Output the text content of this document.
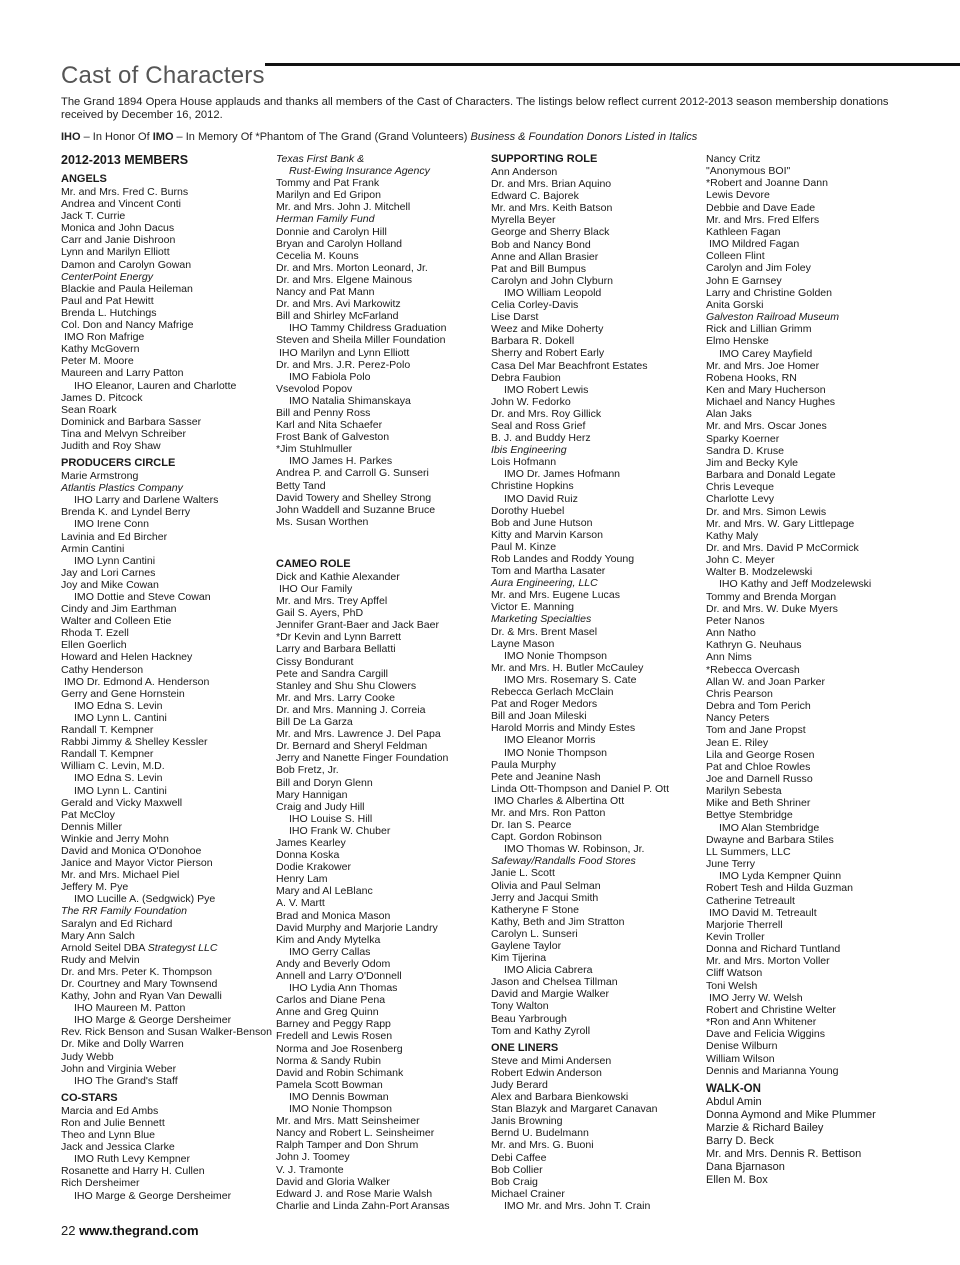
Cast of Characters

The Grand 1894 Opera House applauds and thanks all members of the Cast of Characters. The listings below reflect current 2012-2013 season membership donations received by December 16, 2012.

IHO – In Honor Of IMO – In Memory Of *Phantom of The Grand (Grand Volunteers) Business & Foundation Donors Listed in Italics
2012-2013 MEMBERS
ANGELS
Mr. and Mrs. Fred C. Burns
Andrea and Vincent Conti
Jack T. Currie
Monica and John Dacus
Carr and Janie Dishroon
Lynn and Marilyn Elliott
Damon and Carolyn Gowan
CenterPoint Energy
Blackie and Paula Heileman
Paul and Pat Hewitt
Brenda L. Hutchings
Col. Don and Nancy Mafrige
IMO Ron Mafrige
Kathy McGovern
Peter M. Moore
Maureen and Larry Patton
IHO Eleanor, Lauren and Charlotte
James D. Pitcock
Sean Roark
Dominick and Barbara Sasser
Tina and Melvyn Schreiber
Judith and Roy Shaw
PRODUCERS CIRCLE
Marie Armstrong
Atlantis Plastics Company
IHO Larry and Darlene Walters
Brenda K. and Lyndel Berry
IMO Irene Conn
Lavinia and Ed Bircher
Armin Cantini
IMO Lynn Cantini
Jay and Lori Carnes
Joy and Mike Cowan
IMO Dottie and Steve Cowan
Cindy and Jim Earthman
Walter and Colleen Etie
Rhoda T. Ezell
Ellen Goerlich
Howard and Helen Hackney
Cathy Henderson
IMO Dr. Edmond A. Henderson
Gerry and Gene Hornstein
IMO Edna S. Levin
IMO Lynn L. Cantini
Randall T. Kempner
Rabbi Jimmy & Shelley Kessler
Randall T. Kempner
William C. Levin, M.D.
IMO Edna S. Levin
IMO Lynn L. Cantini
Gerald and Vicky Maxwell
Pat McCloy
Dennis Miller
Winkie and Jerry Mohn
David and Monica O'Donohoe
Janice and Mayor Victor Pierson
Mr. and Mrs. Michael Piel
Jeffery M. Pye
IMO Lucille A. (Sedgwick) Pye
The RR Family Foundation
Saralyn and Ed Richard
Mary Ann Salch
Arnold Seitel DBA Strategyst LLC
Rudy and Melvin
Dr. and Mrs. Peter K. Thompson
Dr. Courtney and Mary Townsend
Kathy, John and Ryan Van Dewalli
IHO Maureen M. Patton
IHO Marge & George Dersheimer
Rev. Rick Benson and Susan Walker-Benson
Dr. Mike and Dolly Warren
Judy Webb
John and Virginia Weber
IHO The Grand's Staff
CO-STARS
Marcia and Ed Ambs
Ron and Julie Bennett
Theo and Lynn Blue
Jack and Jessica Clarke
IMO Ruth Levy Kempner
Rosanette and Harry H. Cullen
Rich Dersheimer
IHO Marge & George Dersheimer
Texas First Bank &
Rust-Ewing Insurance Agency
Tommy and Pat Frank
Marilyn and Ed Gripon
Mr. and Mrs. John J. Mitchell
Herman Family Fund
Donnie and Carolyn Hill
Bryan and Carolyn Holland
Cecelia M. Kouns
Dr. and Mrs. Morton Leonard, Jr.
Dr. and Mrs. Elgene Mainous
Nancy and Pat Mann
Dr. and Mrs. Avi Markowitz
Bill and Shirley McFarland
IHO Tammy Childress Graduation
Steven and Sheila Miller Foundation
IHO Marilyn and Lynn Elliott
Dr. and Mrs. J.R. Perez-Polo
IMO Fabiola Polo
Vsevolod Popov
IMO Natalia Shimanskaya
Bill and Penny Ross
Karl and Nita Schaefer
Frost Bank of Galveston
*Jim Stuhlmuller
IMO James H. Parkes
Andrea P. and Carroll G. Sunseri
Betty Tand
David Towery and Shelley Strong
John Waddell and Suzanne Bruce
Ms. Susan Worthen
CAMEO ROLE
Dick and Kathie Alexander
IHO Our Family
Mr. and Mrs. Trey Apffel
Gail S. Ayers, PhD
Jennifer Grant-Baer and Jack Baer
*Dr Kevin and Lynn Barrett
Larry and Barbara Bellatti
Cissy Bondurant
Pete and Sandra Cargill
Stanley and Shu Shu Clowers
Mr. and Mrs. Larry Cooke
Dr. and Mrs. Manning J. Correia
Bill De La Garza
Mr. and Mrs. Lawrence J. Del Papa
Dr. Bernard and Sheryl Feldman
Jerry and Nanette Finger Foundation
Bob Fretz, Jr.
Bill and Doryn Glenn
Mary Hannigan
Craig and Judy Hill
IHO Louise S. Hill
IHO Frank W. Chuber
James Kearley
Donna Koska
Dodie Krakower
Henry Lam
Mary and Al LeBlanc
A. V. Martt
Brad and Monica Mason
David Murphy and Marjorie Landry
Kim and Andy Mytelka
IMO Gerry Callas
Andy and Beverly Odom
Annell and Larry O'Donnell
IHO Lydia Ann Thomas
Carlos and Diane Pena
Anne and Greg Quinn
Barney and Peggy Rapp
Fredell and Lewis Rosen
Norma and Joe Rosenberg
Norma & Sandy Rubin
David and Robin Schimank
Pamela Scott Bowman
IMO Dennis Bowman
IMO Nonie Thompson
Mr. and Mrs. Matt Seinsheimer
Nancy and Robert L. Seinsheimer
Ralph Tamper and Don Shrum
John J. Toomey
V. J. Tramonte
David and Gloria Walker
Edward J. and Rose Marie Walsh
Charlie and Linda Zahn-Port Aransas
SUPPORTING ROLE
Ann Anderson
Dr. and Mrs. Brian Aquino
Edward C. Bajorek
Mr. and Mrs. Keith Batson
Myrella Beyer
George and Sherry Black
Bob and Nancy Bond
Anne and Allan Brasier
Pat and Bill Bumpus
Carolyn and John Clyburn
IMO William Leopold
Celia Corley-Davis
Lise Darst
Weez and Mike Doherty
Barbara R. Dokell
Sherry and Robert Early
Casa Del Mar Beachfront Estates
Debra Faubion
IMO Robert Lewis
John W. Fedorko
Dr. and Mrs. Roy Gillick
Seal and Ross Grief
B. J. and Buddy Herz
Ibis Engineering
Lois Hofmann
IMO Dr. James Hofmann
Christine Hopkins
IMO David Ruiz
Dorothy Huebel
Bob and June Hutson
Kitty and Marvin Karson
Paul M. Kinze
Rob Landes and Roddy Young
Tom and Martha Lasater
Aura Engineering, LLC
Mr. and Mrs. Eugene Lucas
Victor E. Manning
Marketing Specialties
Dr. & Mrs. Brent Masel
Layne Mason
IMO Nonie Thompson
Mr. and Mrs. H. Butler McCauley
IMO Mrs. Rosemary S. Cate
Rebecca Gerlach McClain
Pat and Roger Medors
Bill and Joan Mileski
Harold Morris and Mindy Estes
IMO Eleanor Morris
IMO Nonie Thompson
Paula Murphy
Pete and Jeanine Nash
Linda Ott-Thompson and Daniel P. Ott
IMO Charles & Albertina Ott
Mr. and Mrs. Ron Patton
Dr. Ian S. Pearce
Capt. Gordon Robinson
IMO Thomas W. Robinson, Jr.
Safeway/Randalls Food Stores
Janie L. Scott
Olivia and Paul Selman
Jerry and Jacqui Smith
Katheryne F Stone
Kathy, Beth and Jim Stratton
Carolyn L. Sunseri
Gaylene Taylor
Kim Tijerina
IMO Alicia Cabrera
Jason and Chelsea Tillman
David and Margie Walker
Tony Walton
Beau Yarbrough
Tom and Kathy Zyroll
ONE LINERS
Steve and Mimi Andersen
Robert Edwin Anderson
Judy Berard
Alex and Barbara Bienkowski
Stan Blazyk and Margaret Canavan
Janis Browning
Bernd U. Budelmann
Mr. and Mrs. G. Buoni
Debi Caffee
Bob Collier
Bob Craig
Michael Crainer
IMO Mr. and Mrs. John T. Crain
Nancy Critz
"Anonymous BOI"
*Robert and Joanne Dann
Lewis Devore
Debbie and Dave Eade
Mr. and Mrs. Fred Elfers
Kathleen Fagan
IMO Mildred Fagan
Colleen Flint
Carolyn and Jim Foley
John E Garnsey
Larry and Christine Golden
Anita Gorski
Galveston Railroad Museum
Rick and Lillian Grimm
Elmo Henske
IMO Carey Mayfield
Mr. and Mrs. Joe Homer
Robena Hooks, RN
Ken and Mary Hucherson
Michael and Nancy Hughes
Alan Jaks
Mr. and Mrs. Oscar Jones
Sparky Koerner
Sandra D. Kruse
Jim and Becky Kyle
Barbara and Donald Legate
Chris Leveque
Charlotte Levy
Dr. and Mrs. Simon Lewis
Mr. and Mrs. W. Gary Littlepage
Kathy Maly
Dr. and Mrs. David P McCormick
John C. Meyer
Walter B. Modzelewski
IHO Kathy and Jeff Modzelewski
Tommy and Brenda Morgan
Dr. and Mrs. W. Duke Myers
Peter Nanos
Ann Natho
Kathryn G. Neuhaus
Ann Nims
*Rebecca Overcash
Allan W. and Joan Parker
Chris Pearson
Debra and Tom Perich
Nancy Peters
Tom and Jane Propst
Jean E. Riley
Lila and George Rosen
Pat and Chloe Rowles
Joe and Darnell Russo
Marilyn Sebesta
Mike and Beth Shriner
Bettye Stembridge
IMO Alan Stembridge
Dwayne and Barbara Stiles
LL Summers, LLC
June Terry
IMO Lyda Kempner Quinn
Robert Tesh and Hilda Guzman
Catherine Tetreault
IMO David M. Tetreault
Marjorie Therrell
Kevin Troller
Donna and Richard Tuntland
Mr. and Mrs. Morton Voller
Cliff Watson
Toni Welsh
IMO Jerry W. Welsh
Robert and Christine Welter
*Ron and Ann Whitener
Dave and Felicia Wiggins
Denise Wilburn
William Wilson
Dennis and Marianna Young
WALK-ON
Abdul Amin
Donna Aymond and Mike Plummer
Marzie & Richard Bailey
Barry D. Beck
Mr. and Mrs. Dennis R. Bettison
Dana Bjarnason
Ellen M. Box
22 www.thegrand.com
